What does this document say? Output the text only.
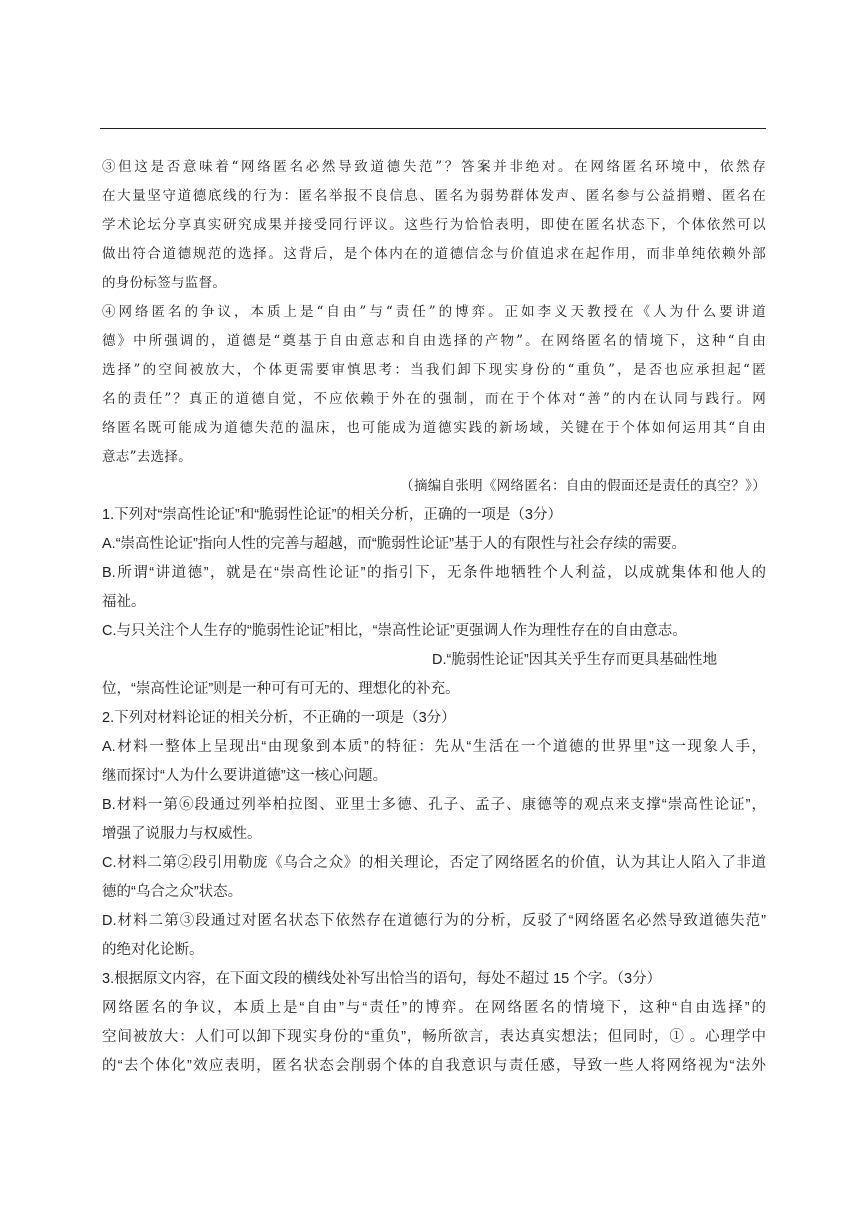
③但这是否意味着“网络匿名必然导致道德失范”？答案并非绝对。在网络匿名环境中，依然存
在大量坚守道德底线的行为：匿名举报不良信息、匿名为弱势群体发声、匿名参与公益捐赠、匿名在
学术论坛分享真实研究成果并接受同行评议。这些行为恰恰表明，即使在匿名状态下，个体依然可以
做出符合道德规范的选择。这背后，是个体内在的道德信念与价值追求在起作用，而非单纯依赖外部
的身份标签与监督。
④网络匿名的争议，本质上是“自由”与“责任”的博弈。正如李义天教授在《人为什么要讲道
德》中所强调的，道德是“奠基于自由意志和自由选择的产物”。在网络匿名的情境下，这种“自由
选择”的空间被放大，个体更需要审慎思考：当我们卸下现实身份的“重负”，是否也应承担起“匿
名的责任”？真正的道德自觉，不应依赖于外在的强制，而在于个体对“善”的内在认同与践行。网
络匿名既可能成为道德失范的温床，也可能成为道德实践的新场域，关键在于个体如何运用其“自由
意志”去选择。
（摘编自张明《网络匿名：自由的假面还是责任的真空？》）
1.下列对“崇高性论证”和“脆弱性论证”的相关分析，正确的一项是（3分）
A.“崇高性论证”指向人性的完善与超越，而“脆弱性论证”基于人的有限性与社会存续的需要。
B.所谓“讲道德”，就是在“崇高性论证”的指引下，无条件地牺牲个人利益，以成就集体和他人的
福祉。
C.与只关注个人生存的“脆弱性论证”相比，“崇高性论证”更强调人作为理性存在的自由意志。
D.“脆弱性论证”因其关乎生存而更具基础性地
位，“崇高性论证”则是一种可有可无的、理想化的补充。
2.下列对材料论证的相关分析，不正确的一项是（3分）
A.材料一整体上呈现出“由现象到本质”的特征：先从“生活在一个道德的世界里”这一现象人手，
继而探讨“人为什么要讲道德”这一核心问题。
B.材料一第⑥段通过列举柏拉图、亚里士多德、孔子、孟子、康德等的观点来支撑“崇高性论证”，
增强了说服力与权威性。
C.材料二第②段引用勒庞《乌合之众》的相关理论，否定了网络匿名的价值，认为其让人陷入了非道
德的“乌合之众”状态。
D.材料二第③段通过对匿名状态下依然存在道德行为的分析，反驳了“网络匿名必然导致道德失范”
的绝对化论断。
3.根据原文内容，在下面文段的横线处补写出恰当的语句，每处不超过 15 个字。（3分）
网络匿名的争议，本质上是“自由”与“责任”的博弈。在网络匿名的情境下，这种“自由选择”的
空间被放大：人们可以卸下现实身份的“重负”，畅所欲言，表达真实想法；但同时，① 。心理学中
的“去个体化”效应表明，匿名状态会削弱个体的自我意识与责任感，导致一些人将网络视为“法外
